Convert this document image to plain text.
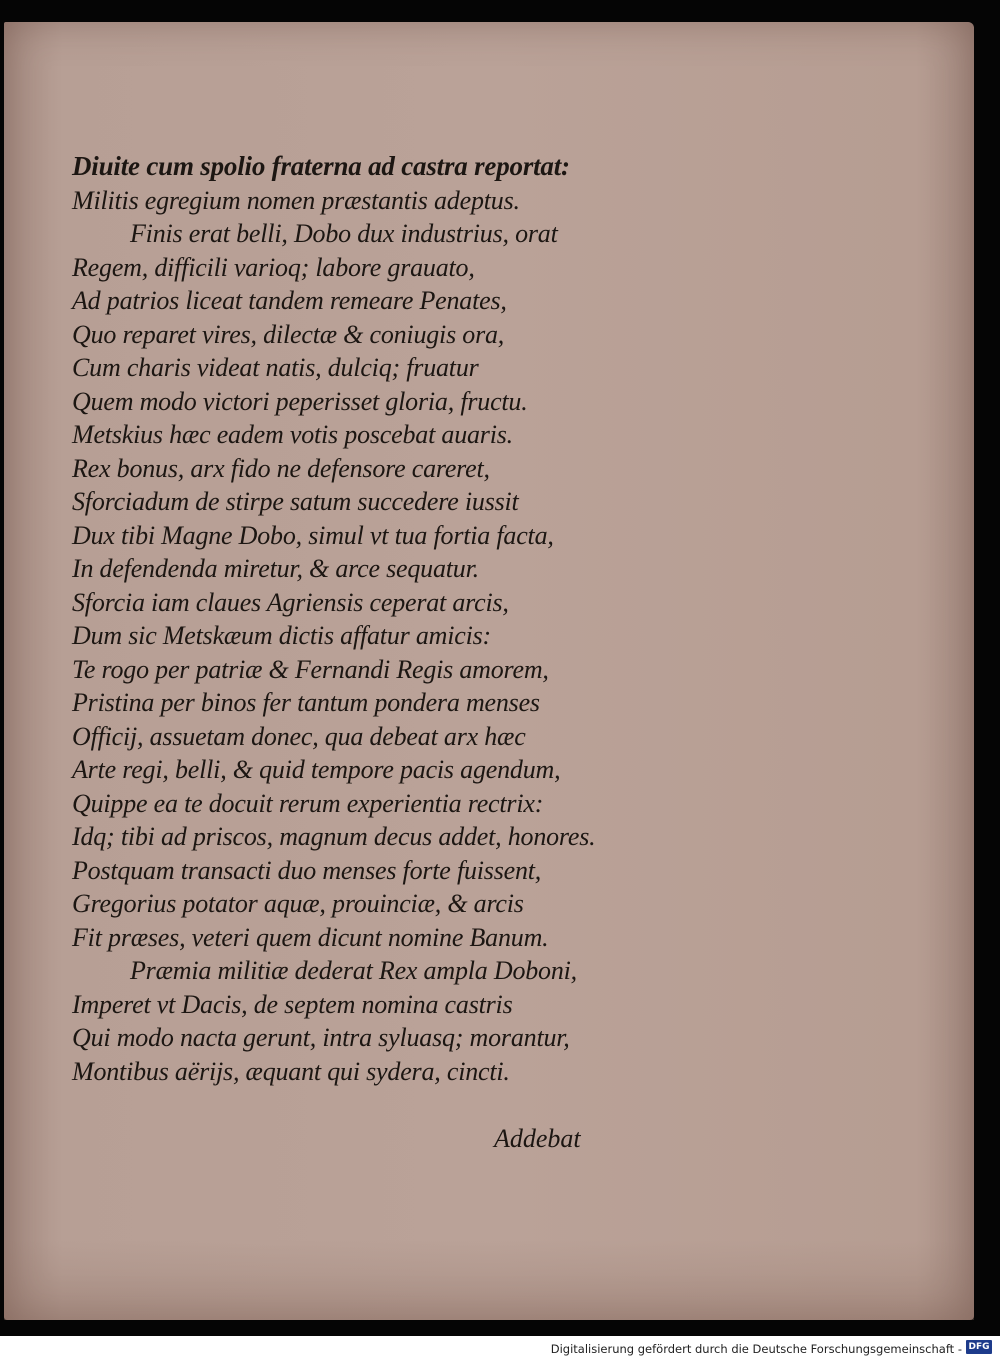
Diuite cum spolio fraterna ad castra reportat:

Militis egregium nomen præstantis adeptus.

Finis erat belli, Dobo dux industrius, orat

Regem, difficili varioq; labore grauato,

Ad patrios liceat tandem remeare Penates,

Quo reparet vires, dilectæ & coniugis ora,

Cum charis videat natis, dulciq; fruatur

Quem modo victori peperisset gloria, fructu.

Metskius hæc eadem votis poscebat auaris.

Rex bonus, arx fido ne defensore careret,

Sforciadum de stirpe satum succedere iussit

Dux tibi Magne Dobo, simul vt tua fortia facta,

In defendenda miretur, & arce sequatur.

Sforcia iam claues Agriensis ceperat arcis,

Dum sic Metskæum dictis affatur amicis:

Te rogo per patriæ & Fernandi Regis amorem,

Pristina per binos fer tantum pondera menses

Officij, assuetam donec, qua debeat arx hæc

Arte regi, belli, & quid tempore pacis agendum,

Quippe ea te docuit rerum experientia rectrix:

Idq; tibi ad priscos, magnum decus addet, honores.

Postquam transacti duo menses forte fuissent,

Gregorius potator aquæ, prouinciæ, & arcis

Fit præses, veteri quem dicunt nomine Banum.

Præmia militiæ dederat Rex ampla Doboni,

Imperet vt Dacis, de septem nomina castris

Qui modo nacta gerunt, intra syluasq; morantur,

Montibus aërijs, æquant qui sydera, cincti.

Addebat
Digitalisierung gefördert durch die Deutsche Forschungsgemeinschaft - DFG
